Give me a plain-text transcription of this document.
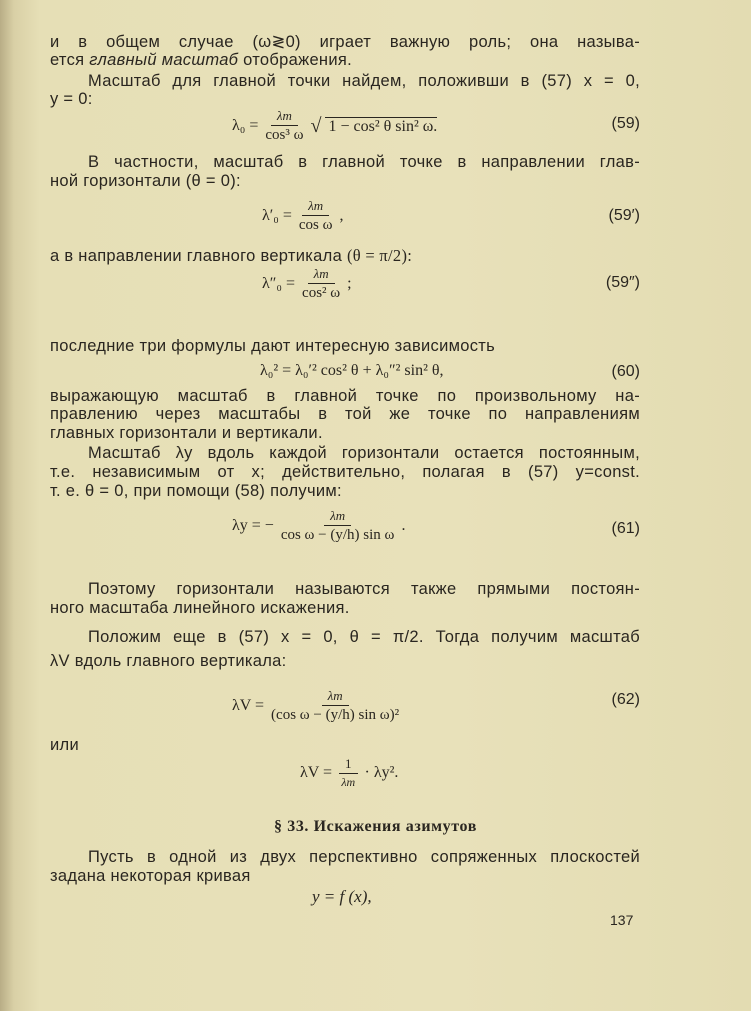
и в общем случае (ω≷0) играет важную роль; она называ-
ется главный масштаб отображения.
Масштаб для главной точки найдем, положивши в (57) x = 0,
y = 0:
$\lambda_0 = \frac{\lambda m}{\text{cos³ ω}}$ √ 1 − cos² θ sin² ω.	(59)
В частности, масштаб в главной точке в направлении глав-
ной горизонтали (θ = 0):
$\lambda'_0 = \frac{\lambda m}{\text{cos ω}}$ ,	(59′)
а в направлении главного вертикала (θ = π/2):
$\lambda''_0 = \frac{\lambda m}{\text{cos² ω}}$ ;	(59″)
последние три формулы дают интересную зависимость
λ₀² = λ₀′² cos² θ + λ₀″² sin² θ,	(60)
выражающую масштаб в главной точке по произвольному на-
правлению через масштабы в той же точке по направлениям
главных горизонтали и вертикали.
Масштаб λy вдоль каждой горизонтали остается постоянным,
т.е. независимым от x; действительно, полагая в (57) y=const.
т. е. θ = 0, при помощи (58) получим:
λy = − $\frac{\lambda m}{\text{cos ω − (y/h) sin ω}}$ .	(61)
Поэтому горизонтали называются также прямыми постоян-
ного масштаба линейного искажения.
Положим еще в (57) x = 0, θ = π/2. Тогда получим масштаб
λV вдоль главного вертикала:
$\lambda V = \frac{\lambda m}{\text{(cos ω − (y/h) sin ω)²}}$	(62)
или
$\lambda V = \frac{1}{\lambda m} \cdot \lambda y^2$.
§ 33. Искажения азимутов
Пусть в одной из двух перспективно сопряженных плоскостей
задана некоторая кривая
y = f (x),
137
